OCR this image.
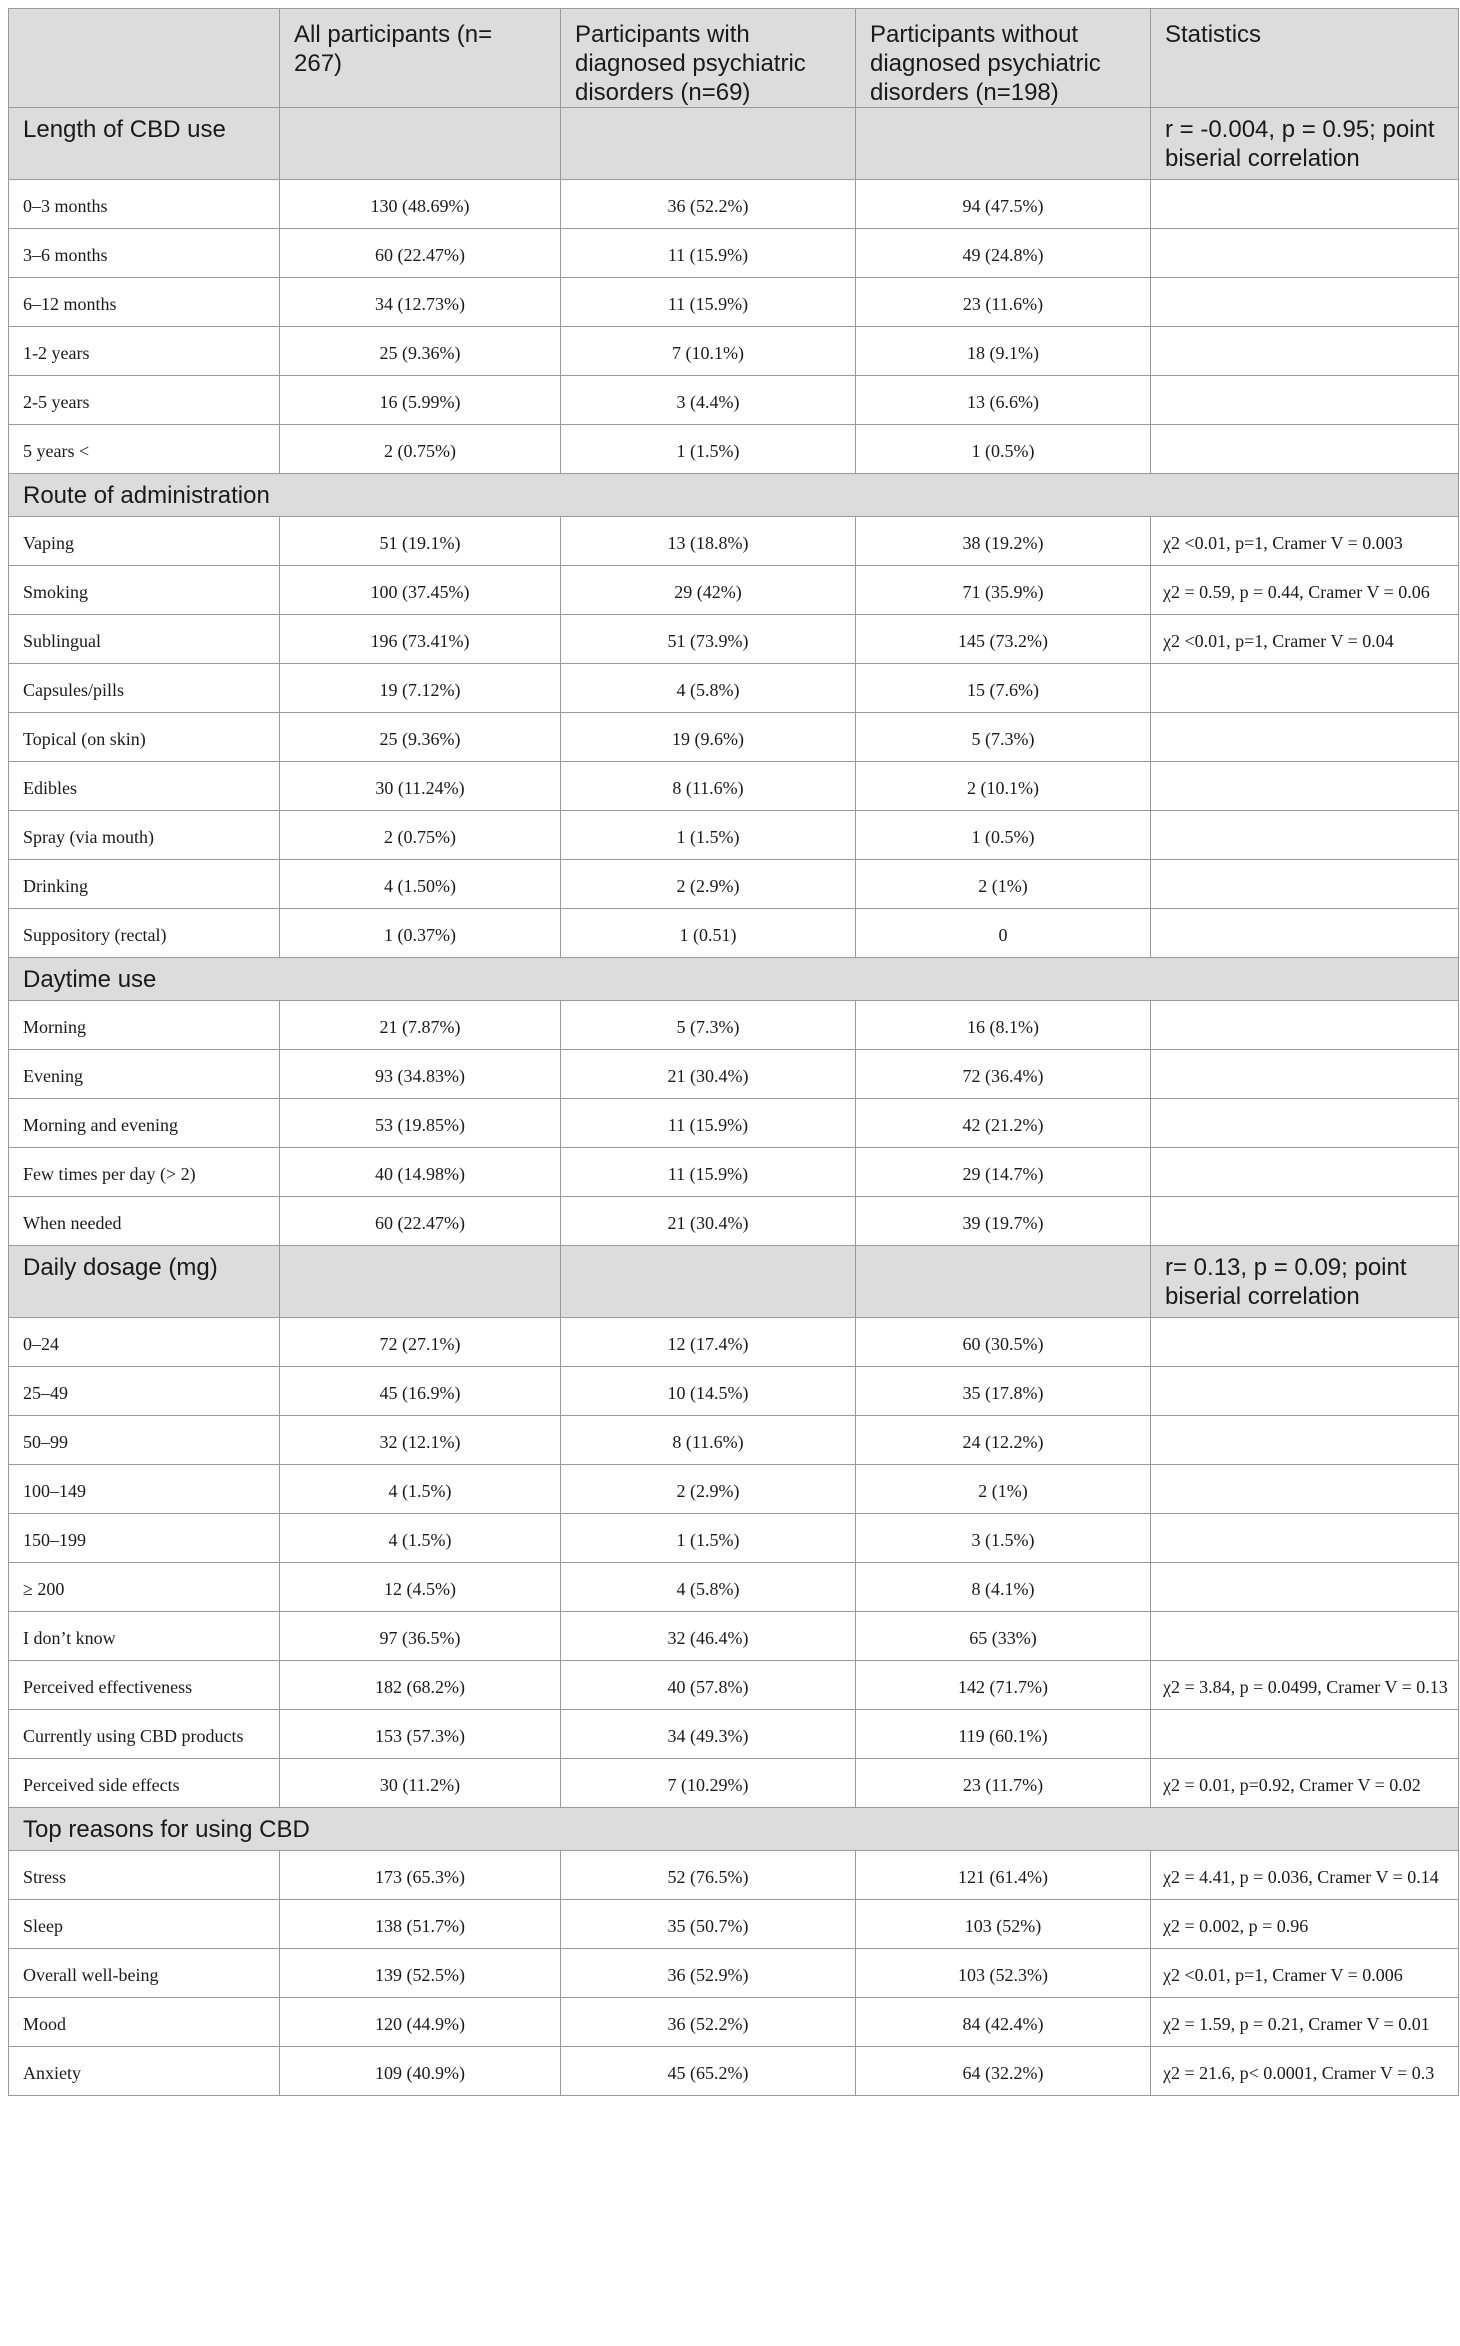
	All participants (n= 267)	Participants with diagnosed psychiatric disorders (n=69)	Participants without diagnosed psychiatric disorders (n=198)	Statistics
Length of CBD use				r = -0.004, p = 0.95; point biserial correlation
0–3 months	130 (48.69%)	36 (52.2%)	94 (47.5%)	
3–6 months	60 (22.47%)	11 (15.9%)	49 (24.8%)	
6–12 months	34 (12.73%)	11 (15.9%)	23 (11.6%)	
1-2 years	25 (9.36%)	7 (10.1%)	18 (9.1%)	
2-5 years	16 (5.99%)	3 (4.4%)	13 (6.6%)	
5 years <	2 (0.75%)	1 (1.5%)	1 (0.5%)	
Route of administration				
Vaping	51 (19.1%)	13 (18.8%)	38 (19.2%)	χ2 <0.01, p=1, Cramer V = 0.003
Smoking	100 (37.45%)	29 (42%)	71 (35.9%)	χ2 = 0.59, p = 0.44, Cramer V = 0.06
Sublingual	196 (73.41%)	51 (73.9%)	145 (73.2%)	χ2 <0.01, p=1, Cramer V = 0.04
Capsules/pills	19 (7.12%)	4 (5.8%)	15 (7.6%)	
Topical (on skin)	25 (9.36%)	19 (9.6%)	5 (7.3%)	
Edibles	30 (11.24%)	8 (11.6%)	2 (10.1%)	
Spray (via mouth)	2 (0.75%)	1 (1.5%)	1 (0.5%)	
Drinking	4 (1.50%)	2 (2.9%)	2 (1%)	
Suppository (rectal)	1 (0.37%)	1 (0.51)	0	
Daytime use				
Morning	21 (7.87%)	5 (7.3%)	16 (8.1%)	
Evening	93 (34.83%)	21 (30.4%)	72 (36.4%)	
Morning and evening	53 (19.85%)	11 (15.9%)	42 (21.2%)	
Few times per day (> 2)	40 (14.98%)	11 (15.9%)	29 (14.7%)	
When needed	60 (22.47%)	21 (30.4%)	39 (19.7%)	
Daily dosage (mg)				r= 0.13, p = 0.09; point biserial correlation
0–24	72 (27.1%)	12 (17.4%)	60 (30.5%)	
25–49	45 (16.9%)	10 (14.5%)	35 (17.8%)	
50–99	32 (12.1%)	8 (11.6%)	24 (12.2%)	
100–149	4 (1.5%)	2 (2.9%)	2 (1%)	
150–199	4 (1.5%)	1 (1.5%)	3 (1.5%)	
≥ 200	12 (4.5%)	4 (5.8%)	8 (4.1%)	
I don’t know	97 (36.5%)	32 (46.4%)	65 (33%)	
Perceived effectiveness	182 (68.2%)	40 (57.8%)	142 (71.7%)	χ2 = 3.84, p = 0.0499, Cramer V = 0.13
Currently using CBD products	153 (57.3%)	34 (49.3%)	119 (60.1%)	
Perceived side effects	30 (11.2%)	7 (10.29%)	23 (11.7%)	χ2 = 0.01, p=0.92, Cramer V = 0.02
Top reasons for using CBD				
Stress	173 (65.3%)	52 (76.5%)	121 (61.4%)	χ2 = 4.41, p = 0.036, Cramer V = 0.14
Sleep	138 (51.7%)	35 (50.7%)	103 (52%)	χ2 = 0.002, p = 0.96
Overall well-being	139 (52.5%)	36 (52.9%)	103 (52.3%)	χ2 <0.01, p=1, Cramer V = 0.006
Mood	120 (44.9%)	36 (52.2%)	84 (42.4%)	χ2 = 1.59, p = 0.21, Cramer V = 0.01
Anxiety	109 (40.9%)	45 (65.2%)	64 (32.2%)	χ2 = 21.6, p< 0.0001, Cramer V = 0.3
